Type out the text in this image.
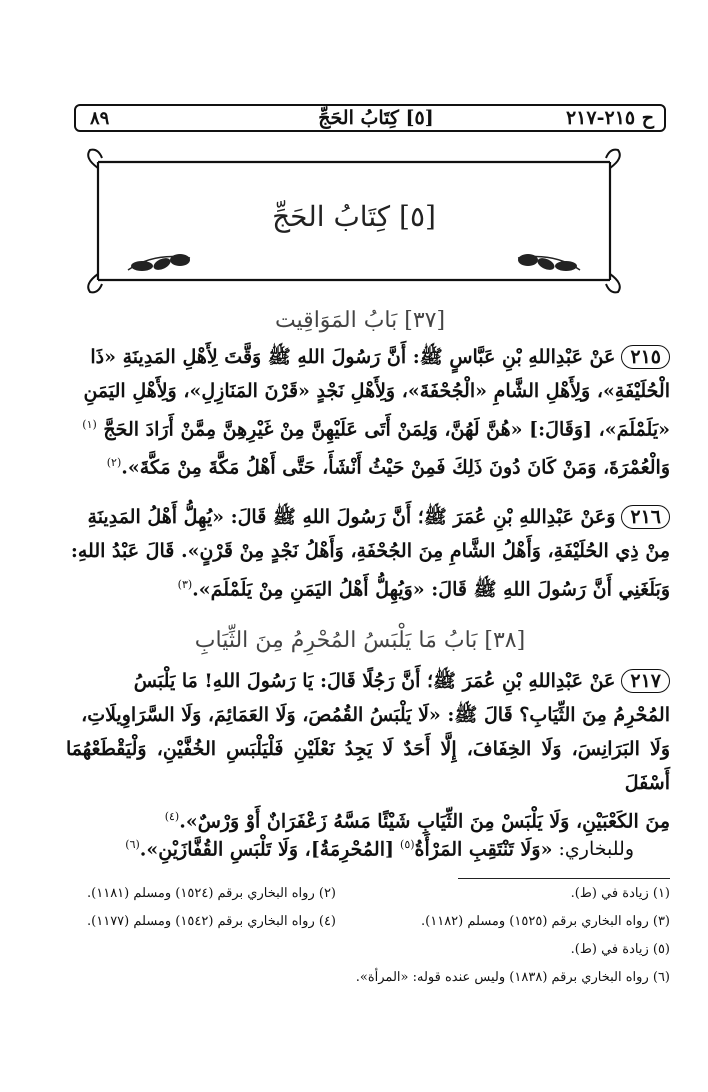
٨٩	[٥] كِتَابُ الحَجِّ	ح ٢١٥-٢١٧
[٥] كِتَابُ الحَجِّ
[٣٧] بَابُ المَوَاقِيت
٢١٥عَنْ عَبْدِاللهِ بْنِ عَبَّاسٍ ﷺ: أَنَّ رَسُولَ اللهِ ﷺ وَقَّتَ لِأَهْلِ المَدِينَةِ «ذَا
الْحُلَيْفَةِ»، وَلِأَهْلِ الشَّامِ «الْجُحْفَةَ»، وَلِأَهْلِ نَجْدٍ «قَرْنَ المَنَازِلِ»، وَلِأَهْلِ اليَمَنِ
«يَلَمْلَمَ»، [وَقَالَ:] «هُنَّ لَهُنَّ، وَلِمَنْ أَتَى عَلَيْهِنَّ مِنْ غَيْرِهِنَّ مِمَّنْ أَرَادَ الحَجَّ $^{(١)}$
وَالْعُمْرَةَ، وَمَنْ كَانَ دُونَ ذَلِكَ فَمِنْ حَيْثُ أَنْشَأَ، حَتَّى أَهْلُ مَكَّةَ مِنْ مَكَّةَ».$^{(٢)}$
٢١٦وَعَنْ عَبْدِاللهِ بْنِ عُمَرَ ﷺ؛ أَنَّ رَسُولَ اللهِ ﷺ قَالَ: «يُهِلُّ أَهْلُ المَدِينَةِ
مِنْ ذِي الحُلَيْفَةِ، وَأَهْلُ الشَّامِ مِنَ الجُحْفَةِ، وَأَهْلُ نَجْدٍ مِنْ قَرْنٍ». قَالَ عَبْدُ اللهِ:
وَبَلَغَنِي أَنَّ رَسُولَ اللهِ ﷺ قَالَ: «وَيُهِلُّ أَهْلُ اليَمَنِ مِنْ يَلَمْلَمَ».$^{(٣)}$
[٣٨] بَابُ مَا يَلْبَسُ المُحْرِمُ مِنَ الثِّيَابِ
٢١٧عَنْ عَبْدِاللهِ بْنِ عُمَرَ ﷺ؛ أَنَّ رَجُلًا قَالَ: يَا رَسُولَ اللهِ! مَا يَلْبَسُ
المُحْرِمُ مِنَ الثِّيَابِ؟ قَالَ ﷺ: «لَا يَلْبَسُ القُمُصَ، وَلَا العَمَائِمَ، وَلَا السَّرَاوِيلَاتِ،
وَلَا البَرَانِسَ، وَلَا الخِفَافَ، إِلَّا أَحَدٌ لَا يَجِدُ نَعْلَيْنِ فَلْيَلْبَسِ الخُفَّيْنِ، وَلْيَقْطَعْهُمَا أَسْفَلَ
مِنَ الكَعْبَيْنِ، وَلَا يَلْبَسْ مِنَ الثِّيَابِ شَيْئًا مَسَّهُ زَعْفَرَانٌ أَوْ وَرْسٌ».$^{(٤)}$
وللبخاري: «وَلَا تَنْتَقِبِ المَرْأَةُ$^{(٥)}$ [المُحْرِمَةُ]، وَلَا تَلْبَسِ القُفَّازَيْنِ».$^{(٦)}$
(١) زيادة في (ط).
(٢) رواه البخاري برقم (١٥٢٤) ومسلم (١١٨١).
(٣) رواه البخاري برقم (١٥٢٥) ومسلم (١١٨٢).
(٤) رواه البخاري برقم (١٥٤٢) ومسلم (١١٧٧).
(٥) زيادة في (ط).
(٦) رواه البخاري برقم (١٨٣٨) وليس عنده قوله: «المرأة».
